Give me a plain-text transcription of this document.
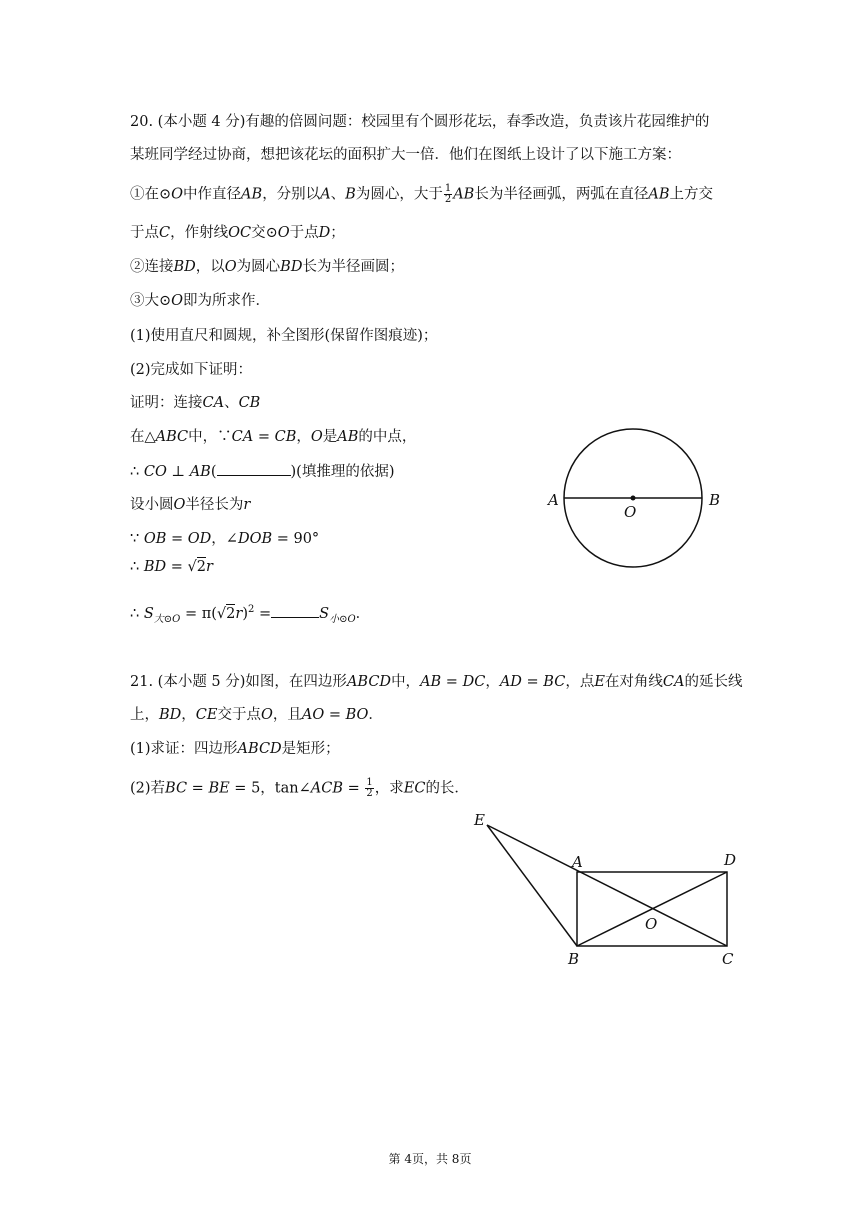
20. (本小题 4 分)有趣的倍圆问题：校园里有个圆形花坛，春季改造，负责该片花园维护的
某班同学经过协商，想把该花坛的面积扩大一倍．他们在图纸上设计了以下施工方案：
①在⊙O中作直径AB，分别以A、B为圆心，大于 $\frac{1}{2}$ AB长为半径画弧，两弧在直径AB上方交
于点C，作射线OC交⊙O于点D；
②连接BD，以O为圆心BD长为半径画圆；
③大⊙O即为所求作．
(1)使用直尺和圆规，补全图形(保留作图痕迹)；
(2)完成如下证明：
证明：连接CA、CB
在△ABC中，∵CA = CB，O是AB的中点，
∴ CO ⊥ AB(	)(填推理的依据)
设小圆O半径长为r
∵ OB = OD，∠DOB = 90°
∴ BD = √2r
∴ $S_{大⊙O} = \pi(√2r)^2$ =	$S_{小⊙O}$．
A	B
O
21. (本小题 5 分)如图，在四边形ABCD中，AB = DC，AD = BC，点E在对角线CA的延长线
上，BD，CE交于点O，且AO = BO．
(1)求证：四边形ABCD是矩形；
(2)若BC = BE = 5，tan∠ACB = $\frac{1}{2}$ ，求EC的长．
E
A	D
O
B	C
第 4页，共 8页
